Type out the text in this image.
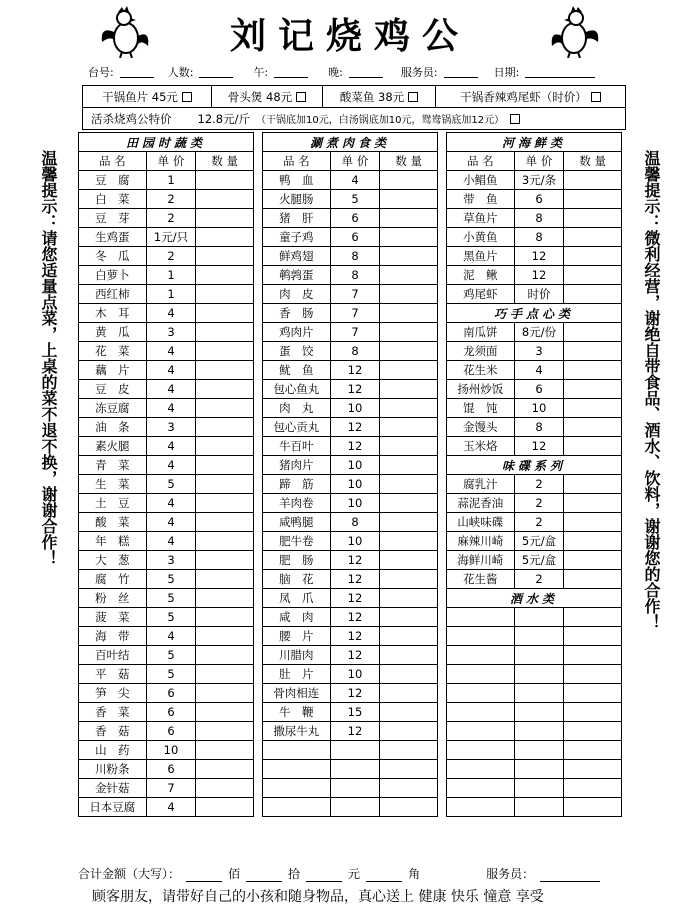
刘记烧鸡公
台号:	人数:	午:	晚:	服务员:	日期:
干锅鱼片 45元	骨头煲 48元	酸菜鱼 38元	干锅香辣鸡尾虾（时价）
活杀烧鸡公特价 12.8元/斤 （干锅底加10元，白汤锅底加10元，鸳鸯锅底加12元）
温馨提示：请您适量点菜，上桌的菜不退不换，谢谢合作！	温馨提示：微利经营，谢绝自带食品、酒水、饮料，谢谢您的合作！
田园时蔬类		
品 名	单 价	数 量
豆　腐	1	
白　菜	2	
豆　芽	2	
生鸡蛋	1元/只	
冬　瓜	2	
白萝卜	1	
西红柿	1	
木　耳	4	
黄　瓜	3	
花　菜	4	
藕　片	4	
豆　皮	4	
冻豆腐	4	
油　条	3	
素火腿	4	
青　菜	4	
生　菜	5	
土　豆	4	
酸　菜	4	
年　糕	4	
大　葱	3	
腐　竹	5	
粉　丝	5	
菠　菜	5	
海　带	4	
百叶结	5	
平　菇	5	
笋　尖	6	
香　菜	6	
香　菇	6	
山　药	10	
川粉条	6	
金针菇	7	
日本豆腐	4	
涮煮肉食类		
品 名	单 价	数 量
鸭　血	4	
火腿肠	5	
猪　肝	6	
童子鸡	6	
鲜鸡翅	8	
鹌鹑蛋	8	
肉　皮	7	
香　肠	7	
鸡肉片	7	
蛋　饺	8	
鱿　鱼	12	
包心鱼丸	12	
肉　丸	10	
包心贡丸	12	
牛百叶	12	
猪肉片	10	
蹄　筋	10	
羊肉卷	10	
咸鸭腿	8	
肥牛卷	10	
肥　肠	12	
脑　花	12	
凤　爪	12	
咸　肉	12	
腰　片	12	
川腊肉	12	
肚　片	10	
骨肉相连	12	
牛　鞭	15	
撒尿牛丸	12	

河海鲜类		
品 名	单 价	数 量
小鲳鱼	3元/条	
带　鱼	6	
草鱼片	8	
小黄鱼	8	
黑鱼片	12	
泥　鳅	12	
鸡尾虾	时价	
巧手点心类		
南瓜饼	8元/份	
龙须面	3	
花生米	4	
扬州炒饭	6	
馄　饨	10	
金馒头	8	
玉米烙	12	
味碟系列		
腐乳汁	2	
蒜泥香油	2	
山峡味碟	2	
麻辣川崎	5元/盒	
海鲜川崎	5元/盒	
花生酱	2	
酒水类		

合计金额（大写）：	佰	拾	元	角	服务员：
顾客朋友，请带好自己的小孩和随身物品，真心送上 健康 快乐 憧意 享受
